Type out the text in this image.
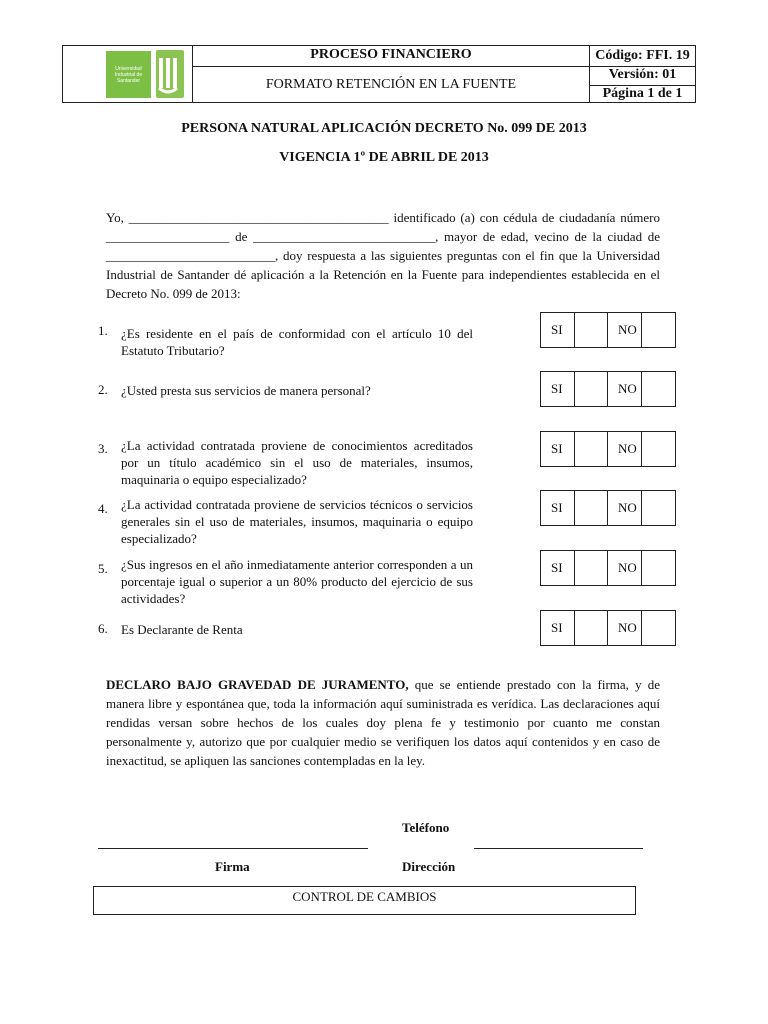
Universidad Industrial de Santander
PROCESO FINANCIERO
FORMATO RETENCIÓN EN LA FUENTE
Código: FFI. 19
Versión: 01
Página 1 de 1
PERSONA NATURAL APLICACIÓN DECRETO No. 099 DE 2013
VIGENCIA 1º DE ABRIL DE 2013
Yo, ________________________________________ identificado (a) con cédula de ciudadanía número ___________________ de ____________________________, mayor de edad, vecino de la ciudad de __________________________, doy respuesta a las siguientes preguntas con el fin que la Universidad Industrial de Santander dé aplicación a la Retención en la Fuente para independientes establecida en el Decreto No. 099 de 2013:
1. ¿Es residente en el país de conformidad con el artículo 10 del Estatuto Tributario?
SI	NO
2. ¿Usted presta sus servicios de manera personal?	SI	NO
3. ¿La actividad contratada proviene de conocimientos acreditados por un título académico sin el uso de materiales, insumos, maquinaria o equipo especializado?
SI	NO
4. ¿La actividad contratada proviene de servicios técnicos o servicios generales sin el uso de materiales, insumos, maquinaria o equipo especializado?
SI	NO
5. ¿Sus ingresos en el año inmediatamente anterior corresponden a un porcentaje igual o superior a un 80% producto del ejercicio de sus actividades?
SI	NO
6. Es Declarante de Renta	SI	NO
DECLARO BAJO GRAVEDAD DE JURAMENTO, que se entiende prestado con la firma, y de manera libre y espontánea que, toda la información aquí suministrada es verídica. Las declaraciones aquí rendidas versan sobre hechos de los cuales doy plena fe y testimonio por cuanto me constan personalmente y, autorizo que por cualquier medio se verifiquen los datos aquí contenidos y en caso de inexactitud, se apliquen las sanciones contempladas en la ley.
Teléfono
Firma	Dirección
CONTROL DE CAMBIOS
